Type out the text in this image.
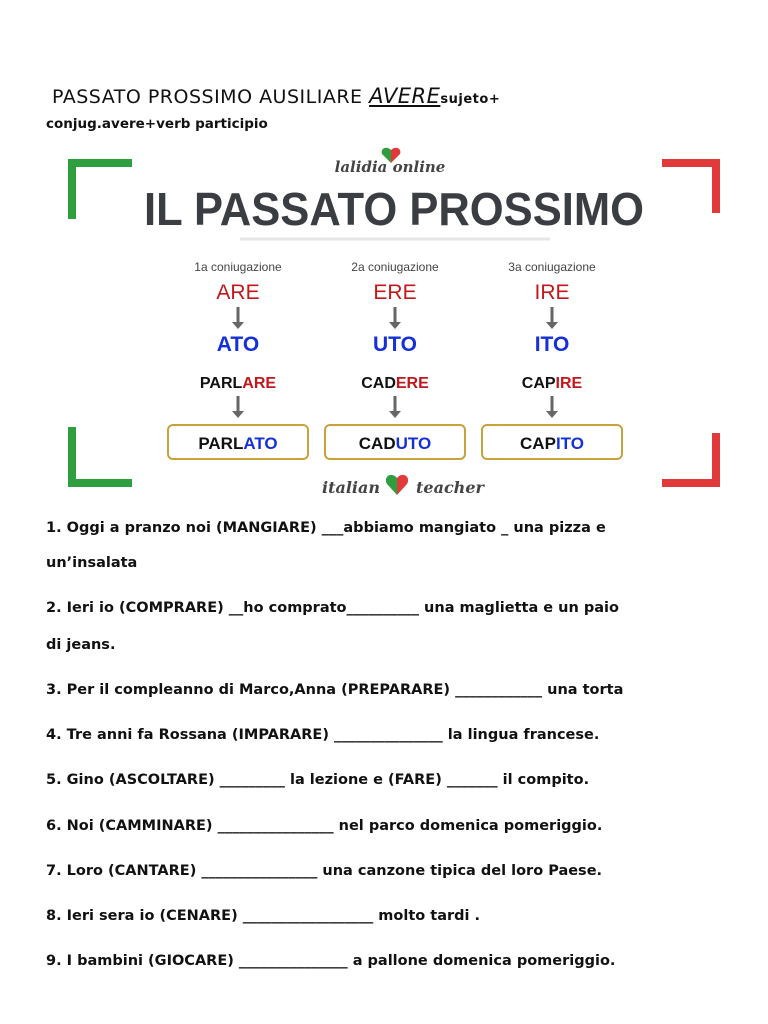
PASSATO PROSSIMO AUSILIARE AVEREsujeto+
conjug.avere+verb participio
lalidia online
IL PASSATO PROSSIMO
1a coniugazione
ARE
ATO
PARLARE
PARLATO
2a coniugazione
ERE
UTO
CADERE
CADUTO
3a coniugazione
IRE
ITO
CAPIRE
CAPITO
italian teacher
1. Oggi a pranzo noi (MANGIARE) ___abbiamo mangiato _ una pizza e
un’insalata
2. Ieri io (COMPRARE) __ho comprato__________ una maglietta e un paio
di jeans.
3. Per il compleanno di Marco,Anna (PREPARARE) ____________ una torta
4. Tre anni fa Rossana (IMPARARE) _______________ la lingua francese.
5. Gino (ASCOLTARE) _________ la lezione e (FARE) _______ il compito.
6. Noi (CAMMINARE) ________________ nel parco domenica pomeriggio.
7. Loro (CANTARE) ________________ una canzone tipica del loro Paese.
8. Ieri sera io (CENARE) __________________ molto tardi .
9. I bambini (GIOCARE) _______________ a pallone domenica pomeriggio.
